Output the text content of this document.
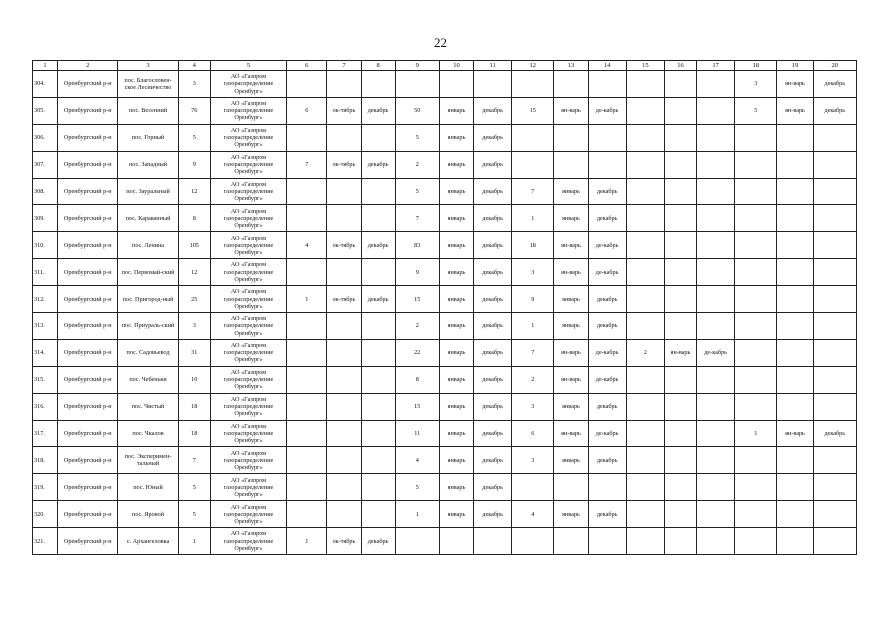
22
1	2	3	4	5	6	7	8	9	10	11	12	13	14	15	16	17	18	19	20
304.	Оренбургский р-н	пос. Благословен-ское Лесничество	3	АО «Газпром газораспределение Оренбург»													3	ян-варь	декабрь
305.	Оренбургский р-н	пос. Весенний	76	АО «Газпром газораспределение Оренбург»	6	ок-тябрь	декабрь	50	январь	декабрь	15	ян-варь	де-кабрь				5	ян-варь	декабрь
306.	Оренбургский р-н	пос. Горный	5	АО «Газпром газораспределение Оренбург»				5	январь	декабрь									
307.	Оренбургский р-н	пос. Западный	9	АО «Газпром газораспределение Оренбург»	7	ок-тябрь	декабрь	2	январь	декабрь									
308.	Оренбургский р-н	пос. Зауральный	12	АО «Газпром газораспределение Оренбург»				5	январь	декабрь	7	январь	декабрь						
309.	Оренбургский р-н	пос. Караванный	8	АО «Газпром газораспределение Оренбург»				7	январь	декабрь	1	январь	декабрь						
310.	Оренбургский р-н	пос. Ленина	105	АО «Газпром газораспределение Оренбург»	4	ок-тябрь	декабрь	83	январь	декабрь	18	ян-варь	де-кабрь						
311.	Оренбургский р-н	пос. Первомай-ский	12	АО «Газпром газораспределение Оренбург»				9	январь	декабрь	3	ян-варь	де-кабрь						
312.	Оренбургский р-н	пос. Пригород-ный	25	АО «Газпром газораспределение Оренбург»	1	ок-тябрь	декабрь	15	январь	декабрь	9	январь	декабрь						
313.	Оренбургский р-н	пос. Приураль-ский	3	АО «Газпром газораспределение Оренбург»				2	январь	декабрь	1	январь	декабрь						
314.	Оренбургский р-н	пос. Садовьевод	31	АО «Газпром газораспределение Оренбург»				22	январь	декабрь	7	ян-варь	де-кабрь	2	ян-варь	де-кабрь			
315.	Оренбургский р-н	пос. Чебеньки	10	АО «Газпром газораспределение Оренбург»				8	январь	декабрь	2	ян-варь	де-кабрь						
316.	Оренбургский р-н	пос. Чистый	18	АО «Газпром газораспределение Оренбург»				15	январь	декабрь	3	январь	декабрь						
317.	Оренбургский р-н	пос. Чкалов	18	АО «Газпром газораспределение Оренбург»				11	январь	декабрь	6	ян-варь	де-кабрь				1	ян-варь	декабрь
318.	Оренбургский р-н	пос. Эксперимен-тальный	7	АО «Газпром газораспределение Оренбург»				4	январь	декабрь	3	январь	декабрь						
319.	Оренбургский р-н	пос. Юный	5	АО «Газпром газораспределение Оренбург»				5	январь	декабрь									
320.	Оренбургский р-н	пос. Яровой	5	АО «Газпром газораспределение Оренбург»				1	январь	декабрь	4	январь	декабрь						
321.	Оренбургский р-н	с. Архангеловка	1	АО «Газпром газораспределение Оренбург»	1	ок-тябрь	декабрь												
